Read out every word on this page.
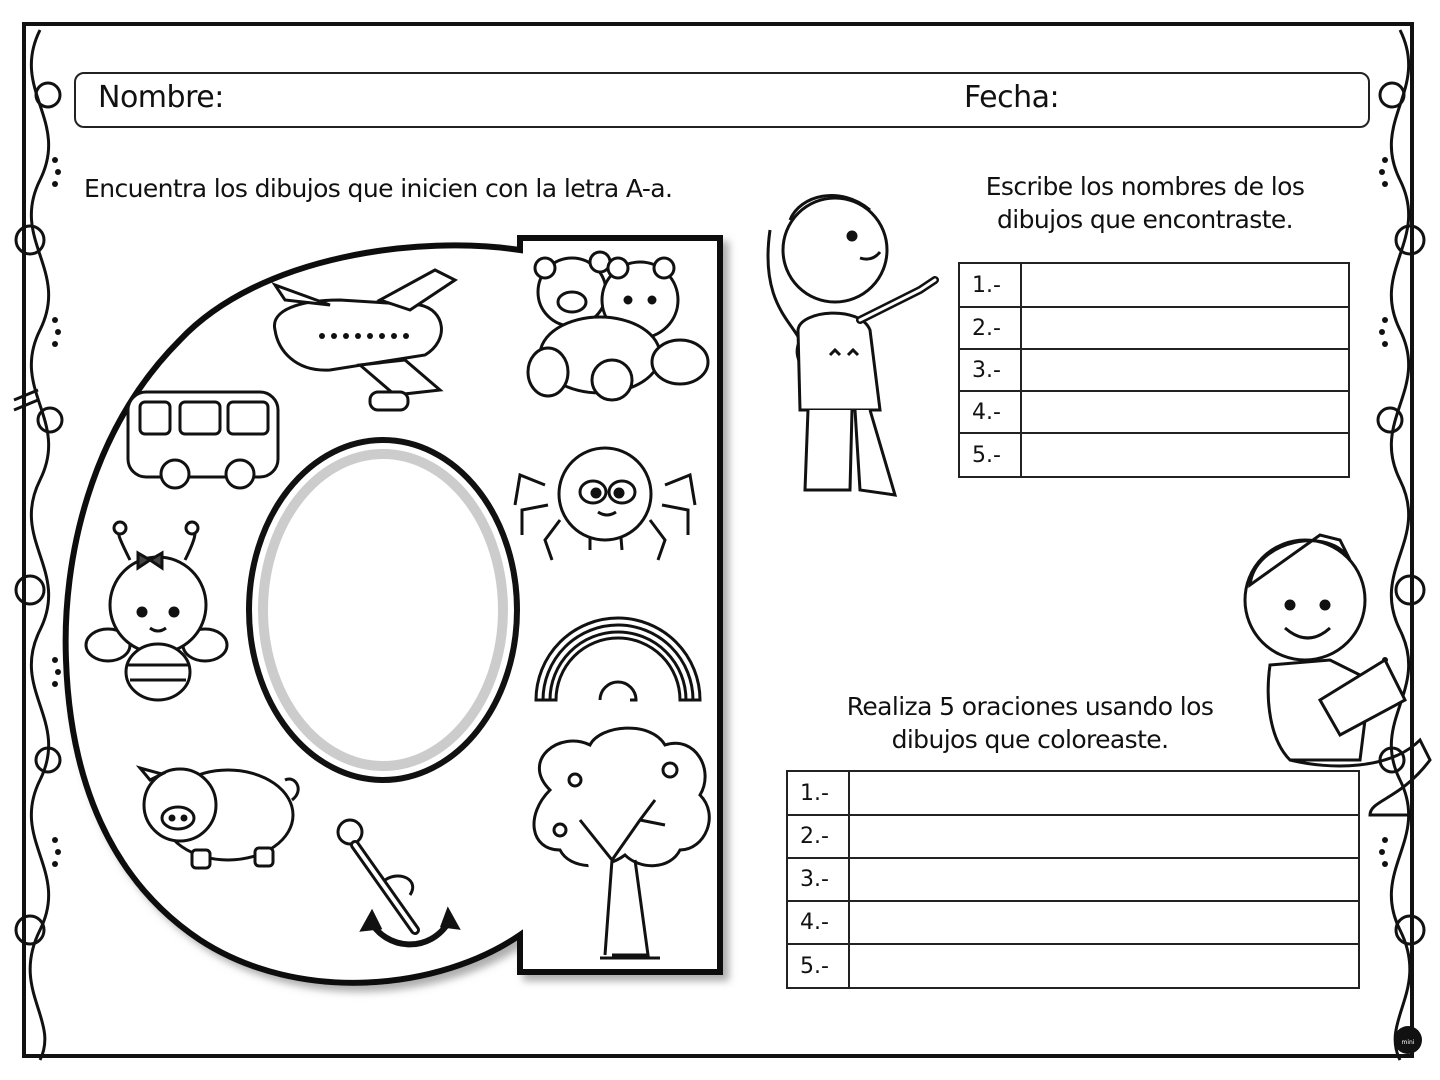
Nombre:	Fecha:
Encuentra los dibujos que inicien con la letra A-a.	Escribe los nombres de los
dibujos que encontraste.
Realiza 5 oraciones usando los
dibujos que coloreaste.
1.-	
2.-	
3.-	
4.-	
5.-	
1.-	
2.-	
3.-	
4.-	
5.-	
mini
